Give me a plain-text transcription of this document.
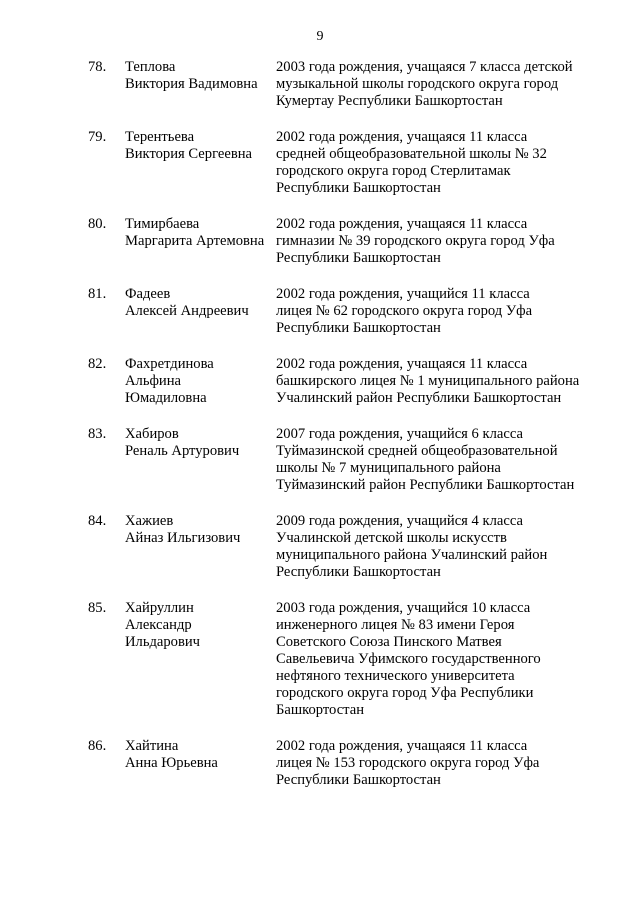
9
78. Теплова
Виктория Вадимовна
2003 года рождения, учащаяся 7 класса детской
музыкальной школы городского округа город
Кумертау Республики Башкортостан
79. Терентьева
Виктория Сергеевна
2002 года рождения, учащаяся 11 класса
средней общеобразовательной школы № 32
городского округа город Стерлитамак
Республики Башкортостан
80. Тимирбаева
Маргарита Артемовна
2002 года рождения, учащаяся 11 класса
гимназии № 39 городского округа город Уфа
Республики Башкортостан
81. Фадеев
Алексей Андреевич
2002 года рождения, учащийся 11 класса
лицея № 62 городского округа город Уфа
Республики Башкортостан
82. Фахретдинова
Альфина
Юмадиловна
2002 года рождения, учащаяся 11 класса
башкирского лицея № 1 муниципального района
Учалинский район Республики Башкортостан
83. Хабиров
Реналь Артурович
2007 года рождения, учащийся 6 класса
Туймазинской средней общеобразовательной
школы № 7 муниципального района
Туймазинский район Республики Башкортостан
84. Хажиев
Айназ Ильгизович
2009 года рождения, учащийся 4 класса
Учалинской детской школы искусств
муниципального района Учалинский район
Республики Башкортостан
85. Хайруллин
Александр
Ильдарович
2003 года рождения, учащийся 10 класса
инженерного лицея № 83 имени Героя
Советского Союза Пинского Матвея
Савельевича Уфимского государственного
нефтяного технического университета
городского округа город Уфа Республики
Башкортостан
86. Хайтина
Анна Юрьевна
2002 года рождения, учащаяся 11 класса
лицея № 153 городского округа город Уфа
Республики Башкортостан
